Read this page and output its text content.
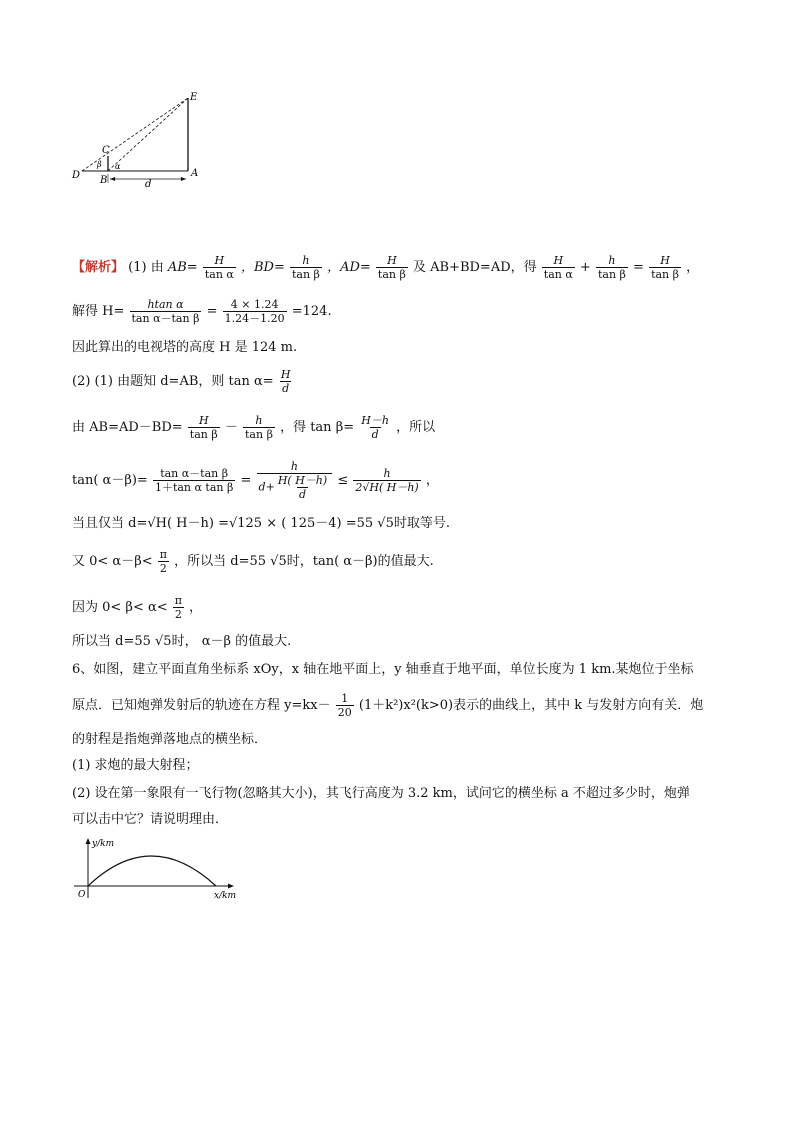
E
C
β α
D B	d
A
【解析】 (1) 由 $AB= \frac{H}{\text{tan α}}$ ，$BD= \frac{h}{\text{tan β}}$ ，$AD= \frac{H}{\text{tan β}}$ 及 AB+BD=AD，得 $\frac{H}{\text{tan α}} + \frac{h}{\text{tan β}} = \frac{H}{\text{tan β}}$ ，
解得 $H= \frac{\text{htan α}}{\text{tan α－tan β}} = \frac{4 \times 1.24}{1.24-1.20} =124$.
因此算出的电视塔的高度 H 是 124 m.
(2) (1) 由题知 d=AB，则 $\tan \alpha= \frac{H}{d}$
由 $AB=AD-BD= \frac{H}{\text{tan β}} - \frac{h}{\text{tan β}}$ ，得 $\tan \beta= \frac{H-h}{d}$ ，所以
tan( $\alpha-\beta)= \frac{\text{tan α－tan β}}{\text{1＋tan α tan β}} = \frac{h}{d+ \frac{H( H-h)}{d}} \le \frac{h}{2√H( H-h)}$ ，
当且仅当 d=√H( H－h) =√125 × ( 125－4) =55 √5时取等号.
又 $0< \alpha-\beta< \frac{\pi}{2}$ ，所以当 d=55 √5时，tan( α－β)的值最大.
因为 $0< \beta< \alpha< \frac{\pi}{2}$ ，
所以当 d=55 √5时， α－β 的值最大.
6、如图，建立平面直角坐标系 xOy，x 轴在地平面上，y 轴垂直于地平面，单位长度为 1 km.某炮位于坐标
原点．已知炮弹发射后的轨迹在方程 $y=kx- \frac{1}{20} (1+k^2)x^2(k>0)$表示的曲线上，其中 k 与发射方向有关．炮
的射程是指炮弹落地点的横坐标．
(1) 求炮的最大射程；
(2) 设在第一象限有一飞行物(忽略其大小)，其飞行高度为 3.2 km，试问它的横坐标 a 不超过多少时，炮弹
可以击中它？请说明理由．
y/km
x/km
O
